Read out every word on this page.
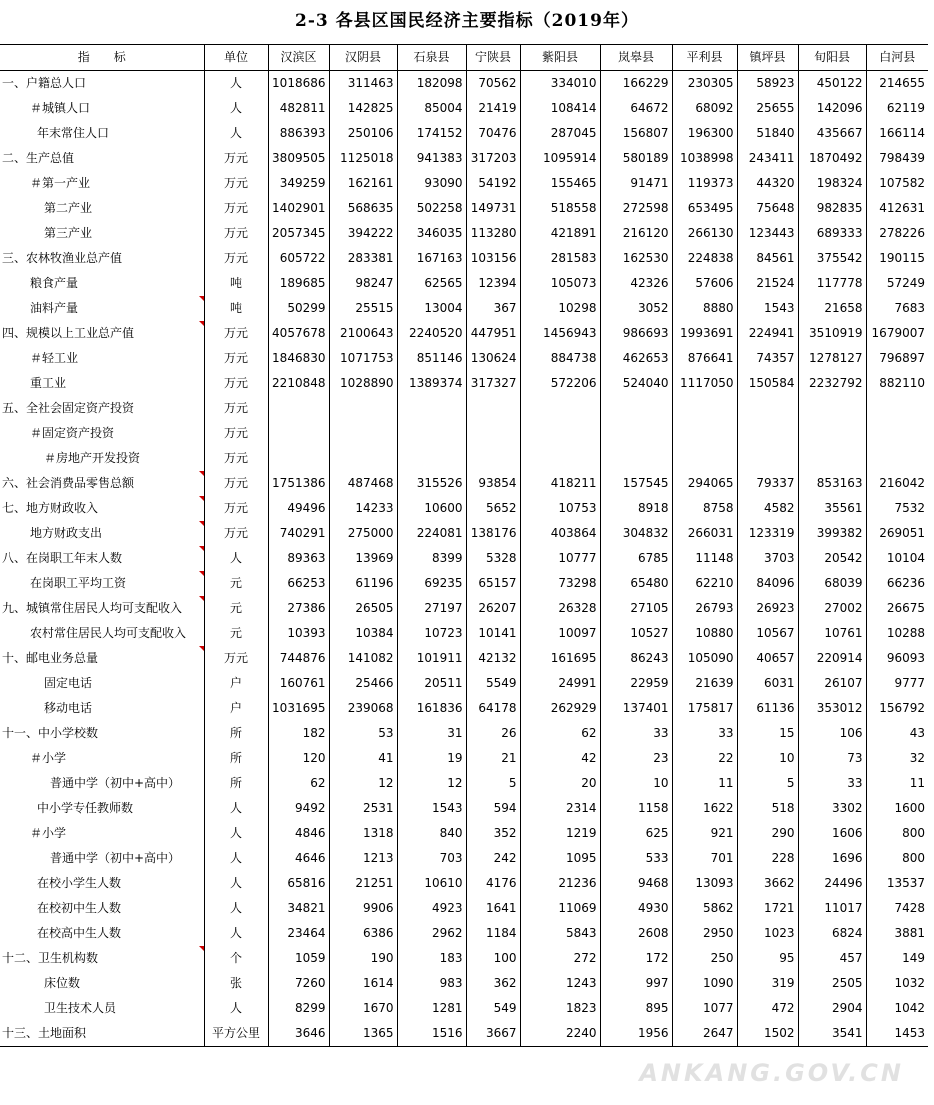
2-3 各县区国民经济主要指标（2019年）
指　　标	单位	汉滨区	汉阴县	石泉县	宁陕县	紫阳县	岚皋县	平利县	镇坪县	旬阳县	白河县
一、户籍总人口	人	1018686	311463	182098	70562	334010	166229	230305	58923	450122	214655
＃城镇人口	人	482811	142825	85004	21419	108414	64672	68092	25655	142096	62119
年末常住人口	人	886393	250106	174152	70476	287045	156807	196300	51840	435667	166114
二、生产总值	万元	3809505	1125018	941383	317203	1095914	580189	1038998	243411	1870492	798439
＃第一产业	万元	349259	162161	93090	54192	155465	91471	119373	44320	198324	107582
第二产业	万元	1402901	568635	502258	149731	518558	272598	653495	75648	982835	412631
第三产业	万元	2057345	394222	346035	113280	421891	216120	266130	123443	689333	278226
三、农林牧渔业总产值	万元	605722	283381	167163	103156	281583	162530	224838	84561	375542	190115
粮食产量	吨	189685	98247	62565	12394	105073	42326	57606	21524	117778	57249
油料产量	吨	50299	25515	13004	367	10298	3052	8880	1543	21658	7683
四、规模以上工业总产值	万元	4057678	2100643	2240520	447951	1456943	986693	1993691	224941	3510919	1679007
＃轻工业	万元	1846830	1071753	851146	130624	884738	462653	876641	74357	1278127	796897
重工业	万元	2210848	1028890	1389374	317327	572206	524040	1117050	150584	2232792	882110
五、全社会固定资产投资	万元										
＃固定资产投资	万元										
＃房地产开发投资	万元										
六、社会消费品零售总额	万元	1751386	487468	315526	93854	418211	157545	294065	79337	853163	216042
七、地方财政收入	万元	49496	14233	10600	5652	10753	8918	8758	4582	35561	7532
地方财政支出	万元	740291	275000	224081	138176	403864	304832	266031	123319	399382	269051
八、在岗职工年末人数	人	89363	13969	8399	5328	10777	6785	11148	3703	20542	10104
在岗职工平均工资	元	66253	61196	69235	65157	73298	65480	62210	84096	68039	66236
九、城镇常住居民人均可支配收入	元	27386	26505	27197	26207	26328	27105	26793	26923	27002	26675
农村常住居民人均可支配收入	元	10393	10384	10723	10141	10097	10527	10880	10567	10761	10288
十、邮电业务总量	万元	744876	141082	101911	42132	161695	86243	105090	40657	220914	96093
固定电话	户	160761	25466	20511	5549	24991	22959	21639	6031	26107	9777
移动电话	户	1031695	239068	161836	64178	262929	137401	175817	61136	353012	156792
十一、中小学校数	所	182	53	31	26	62	33	33	15	106	43
＃小学	所	120	41	19	21	42	23	22	10	73	32
普通中学（初中+高中）	所	62	12	12	5	20	10	11	5	33	11
中小学专任教师数	人	9492	2531	1543	594	2314	1158	1622	518	3302	1600
＃小学	人	4846	1318	840	352	1219	625	921	290	1606	800
普通中学（初中+高中）	人	4646	1213	703	242	1095	533	701	228	1696	800
在校小学生人数	人	65816	21251	10610	4176	21236	9468	13093	3662	24496	13537
在校初中生人数	人	34821	9906	4923	1641	11069	4930	5862	1721	11017	7428
在校高中生人数	人	23464	6386	2962	1184	5843	2608	2950	1023	6824	3881
十二、卫生机构数	个	1059	190	183	100	272	172	250	95	457	149
床位数	张	7260	1614	983	362	1243	997	1090	319	2505	1032
卫生技术人员	人	8299	1670	1281	549	1823	895	1077	472	2904	1042
十三、土地面积	平方公里	3646	1365	1516	3667	2240	1956	2647	1502	3541	1453
ANKANG.GOV.CN
